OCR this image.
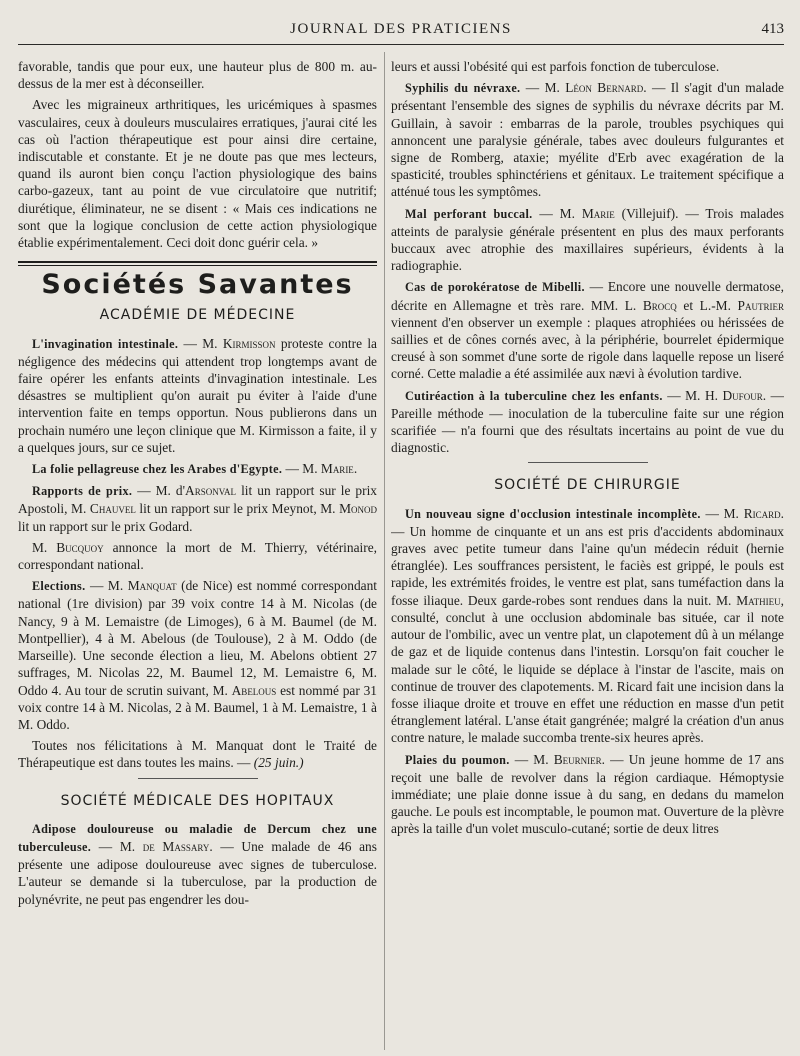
JOURNAL DES PRATICIENS	413

favorable, tandis que pour eux, une hauteur plus de 800 m. au-dessus de la mer est à déconseiller.

Avec les migraineux arthritiques, les uricémiques à spasmes vasculaires, ceux à douleurs musculaires erratiques, j'aurai cité les cas où l'action thérapeutique est pour ainsi dire certaine, indiscutable et constante. Et je ne doute pas que mes lecteurs, quand ils auront bien conçu l'action physiologique des bains carbo-gazeux, tant au point de vue circulatoire que nutritif; diurétique, éliminateur, ne se disent : « Mais ces indications ne sont que la logique conclusion de cette action physiologique établie expérimentalement. Ceci doit donc guérir cela. »

Sociétés Savantes
ACADÉMIE DE MÉDECINE

L'invagination intestinale. — M. Kirmisson proteste contre la négligence des médecins qui attendent trop longtemps avant de faire opérer les enfants atteints d'invagination intestinale. Les désastres se multiplient qu'on aurait pu éviter à l'aide d'une intervention faite en temps opportun. Nous publierons dans un prochain numéro une leçon clinique que M. Kirmisson a faite, il y a quelques jours, sur ce sujet.

La folie pellagreuse chez les Arabes d'Egypte. — M. Marie.

Rapports de prix. — M. d'Arsonval lit un rapport sur le prix Apostoli, M. Chauvel lit un rapport sur le prix Meynot, M. Monod lit un rapport sur le prix Godard.

M. Bucquoy annonce la mort de M. Thierry, vétérinaire, correspondant national.

Elections. — M. Manquat (de Nice) est nommé correspondant national (1re division) par 39 voix contre 14 à M. Nicolas (de Nancy, 9 à M. Lemaistre (de Limoges), 6 à M. Baumel (de M. Montpellier), 4 à M. Abelous (de Toulouse), 2 à M. Oddo (de Marseille). Une seconde élection a lieu, M. Abelons obtient 27 suffrages, M. Nicolas 22, M. Baumel 12, M. Lemaistre 6, M. Oddo 4. Au tour de scrutin suivant, M. Abelous est nommé par 31 voix contre 14 à M. Nicolas, 2 à M. Baumel, 1 à M. Lemaistre, 1 à M. Oddo.

Toutes nos félicitations à M. Manquat dont le Traité de Thérapeutique est dans toutes les mains. — (25 juin.)

SOCIÉTÉ MÉDICALE DES HOPITAUX

Adipose douloureuse ou maladie de Dercum chez une tuberculeuse. — M. de Massary. — Une malade de 46 ans présente une adipose douloureuse avec signes de tuberculose. L'auteur se demande si la tuberculose, par la production de polynévrite, ne peut pas engendrer les dou-

leurs et aussi l'obésité qui est parfois fonction de tuberculose.

Syphilis du névraxe. — M. Léon Bernard. — Il s'agit d'un malade présentant l'ensemble des signes de syphilis du névraxe décrits par M. Guillain, à savoir : embarras de la parole, troubles psychiques qui annoncent une paralysie générale, tabes avec douleurs fulgurantes et signe de Romberg, ataxie; myélite d'Erb avec exagération de la spasticité, troubles sphinctériens et génitaux. Le traitement spécifique a atténué tous les symptômes.

Mal perforant buccal. — M. Marie (Villejuif). — Trois malades atteints de paralysie générale présentent en plus des maux perforants buccaux avec atrophie des maxillaires supérieurs, évidents à la radiographie.

Cas de porokératose de Mibelli. — Encore une nouvelle dermatose, décrite en Allemagne et très rare. MM. L. Brocq et L.-M. Pautrier viennent d'en observer un exemple : plaques atrophiées ou hérissées de saillies et de cônes cornés avec, à la périphérie, bourrelet épidermique creusé à son sommet d'une sorte de rigole dans laquelle repose un liseré corné. Cette maladie a été assimilée aux nævi à évolution tardive.

Cutiréaction à la tuberculine chez les enfants. — M. H. Dufour. — Pareille méthode — inoculation de la tuberculine faite sur une région scarifiée — n'a fourni que des résultats incertains au point de vue du diagnostic.

SOCIÉTÉ DE CHIRURGIE

Un nouveau signe d'occlusion intestinale incomplète. — M. Ricard. — Un homme de cinquante et un ans est pris d'accidents abdominaux graves avec petite tumeur dans l'aine qu'un médecin réduit (hernie étranglée). Les souffrances persistent, le faciès est grippé, le pouls est rapide, les extrémités froides, le ventre est plat, sans tuméfaction dans la fosse iliaque. Deux garde-robes sont rendues dans la nuit. M. Mathieu, consulté, conclut à une occlusion abdominale bas située, car il note autour de l'ombilic, avec un ventre plat, un clapotement dû à un mélange de gaz et de liquide contenus dans l'intestin. Lorsqu'on fait coucher le malade sur le côté, le liquide se déplace à l'instar de l'ascite, mais on continue de trouver des clapotements. M. Ricard fait une incision dans la fosse iliaque droite et trouve en effet une réduction en masse d'un petit étranglement latéral. L'anse était gangrénée; malgré la création d'un anus contre nature, le malade succomba trente-six heures après.

Plaies du poumon. — M. Beurnier. — Un jeune homme de 17 ans reçoit une balle de revolver dans la région cardiaque. Hémoptysie immédiate; une plaie donne issue à du sang, en dedans du mamelon gauche. Le pouls est incomptable, le poumon mat. Ouverture de la plèvre après la taille d'un volet musculo-cutané; sortie de deux litres
